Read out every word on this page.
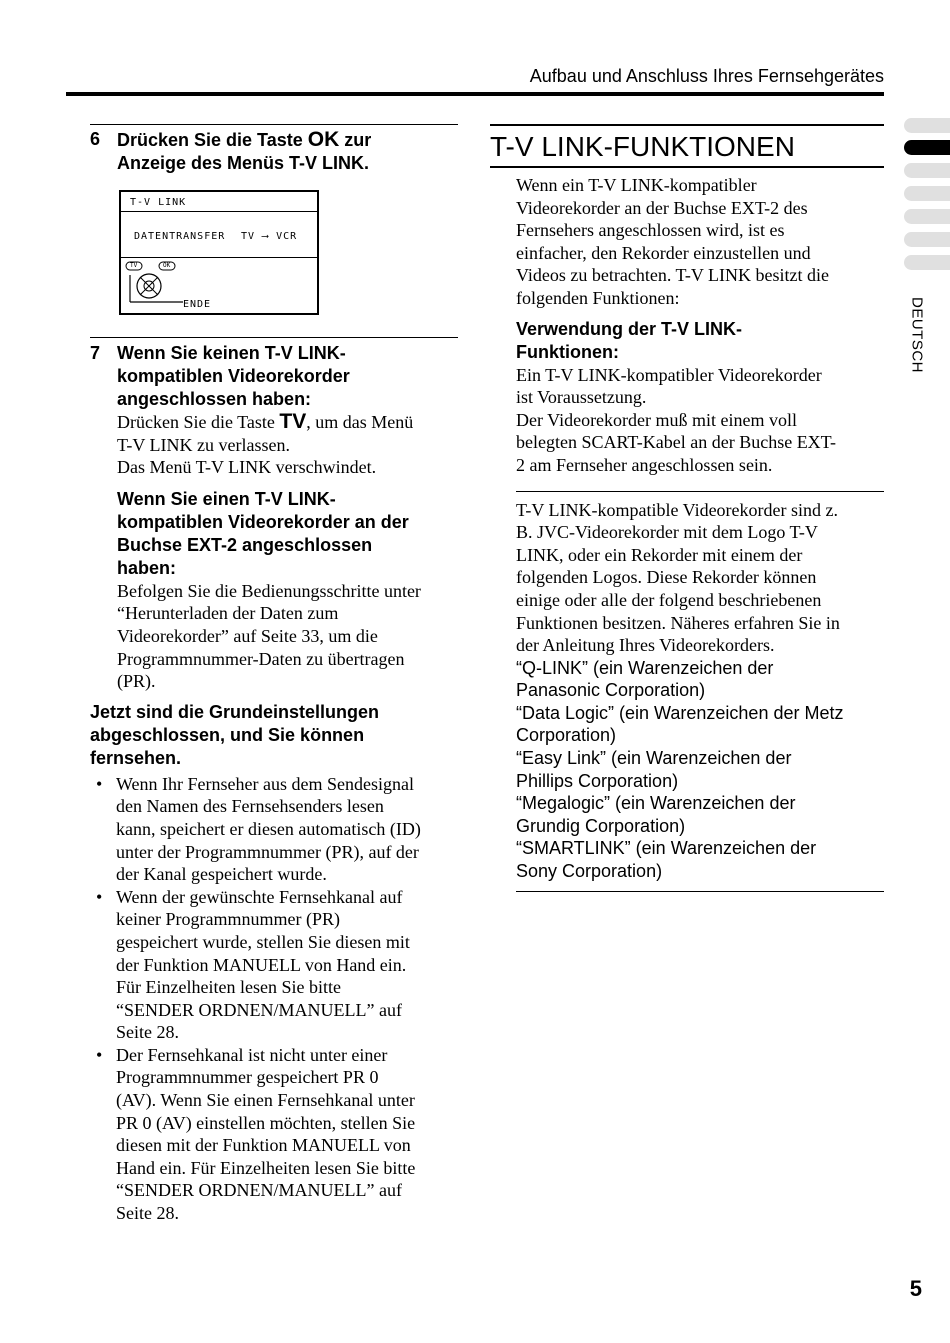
Aufbau und Anschluss Ihres Fernsehgerätes
DEUTSCH
6 Drücken Sie die Taste OK zur
Anzeige des Menüs T-V LINK.
T-V LINK
DATENTRANSFER TV ⟶ VCR
TV	OK
ENDE
7 Wenn Sie keinen T-V LINK-
kompatiblen Videorekorder
angeschlossen haben:
Drücken Sie die Taste TV, um das Menü
T-V LINK zu verlassen.
Das Menü T-V LINK verschwindet.
Wenn Sie einen T-V LINK-
kompatiblen Videorekorder an der
Buchse EXT-2 angeschlossen
haben:
Befolgen Sie die Bedienungsschritte unter
“Herunterladen der Daten zum
Videorekorder” auf Seite 33, um die
Programmnummer-Daten zu übertragen
(PR).
Jetzt sind die Grundeinstellungen
abgeschlossen, und Sie können
fernsehen.
• Wenn Ihr Fernseher aus dem Sendesignal
den Namen des Fernsehsenders lesen
kann, speichert er diesen automatisch (ID)
unter der Programmnummer (PR), auf der
der Kanal gespeichert wurde.
• Wenn der gewünschte Fernsehkanal auf
keiner Programmnummer (PR)
gespeichert wurde, stellen Sie diesen mit
der Funktion MANUELL von Hand ein.
Für Einzelheiten lesen Sie bitte
“SENDER ORDNEN/MANUELL” auf
Seite 28.
• Der Fernsehkanal ist nicht unter einer
Programmnummer gespeichert PR 0
(AV). Wenn Sie einen Fernsehkanal unter
PR 0 (AV) einstellen möchten, stellen Sie
diesen mit der Funktion MANUELL von
Hand ein. Für Einzelheiten lesen Sie bitte
“SENDER ORDNEN/MANUELL” auf
Seite 28.
T-V LINK-FUNKTIONEN
Wenn ein T-V LINK-kompatibler
Videorekorder an der Buchse EXT-2 des
Fernsehers angeschlossen wird, ist es
einfacher, den Rekorder einzustellen und
Videos zu betrachten. T-V LINK besitzt die
folgenden Funktionen:
Verwendung der T-V LINK-
Funktionen:
Ein T-V LINK-kompatibler Videorekorder
ist Voraussetzung.
Der Videorekorder muß mit einem voll
belegten SCART-Kabel an der Buchse EXT-
2 am Fernseher angeschlossen sein.
T-V LINK-kompatible Videorekorder sind z.
B. JVC-Videorekorder mit dem Logo T-V
LINK, oder ein Rekorder mit einem der
folgenden Logos. Diese Rekorder können
einige oder alle der folgend beschriebenen
Funktionen besitzen. Näheres erfahren Sie in
der Anleitung Ihres Videorekorders.
“Q-LINK” (ein Warenzeichen der
Panasonic Corporation)
“Data Logic” (ein Warenzeichen der Metz
Corporation)
“Easy Link” (ein Warenzeichen der
Phillips Corporation)
“Megalogic” (ein Warenzeichen der
Grundig Corporation)
“SMARTLINK” (ein Warenzeichen der
Sony Corporation)
5
